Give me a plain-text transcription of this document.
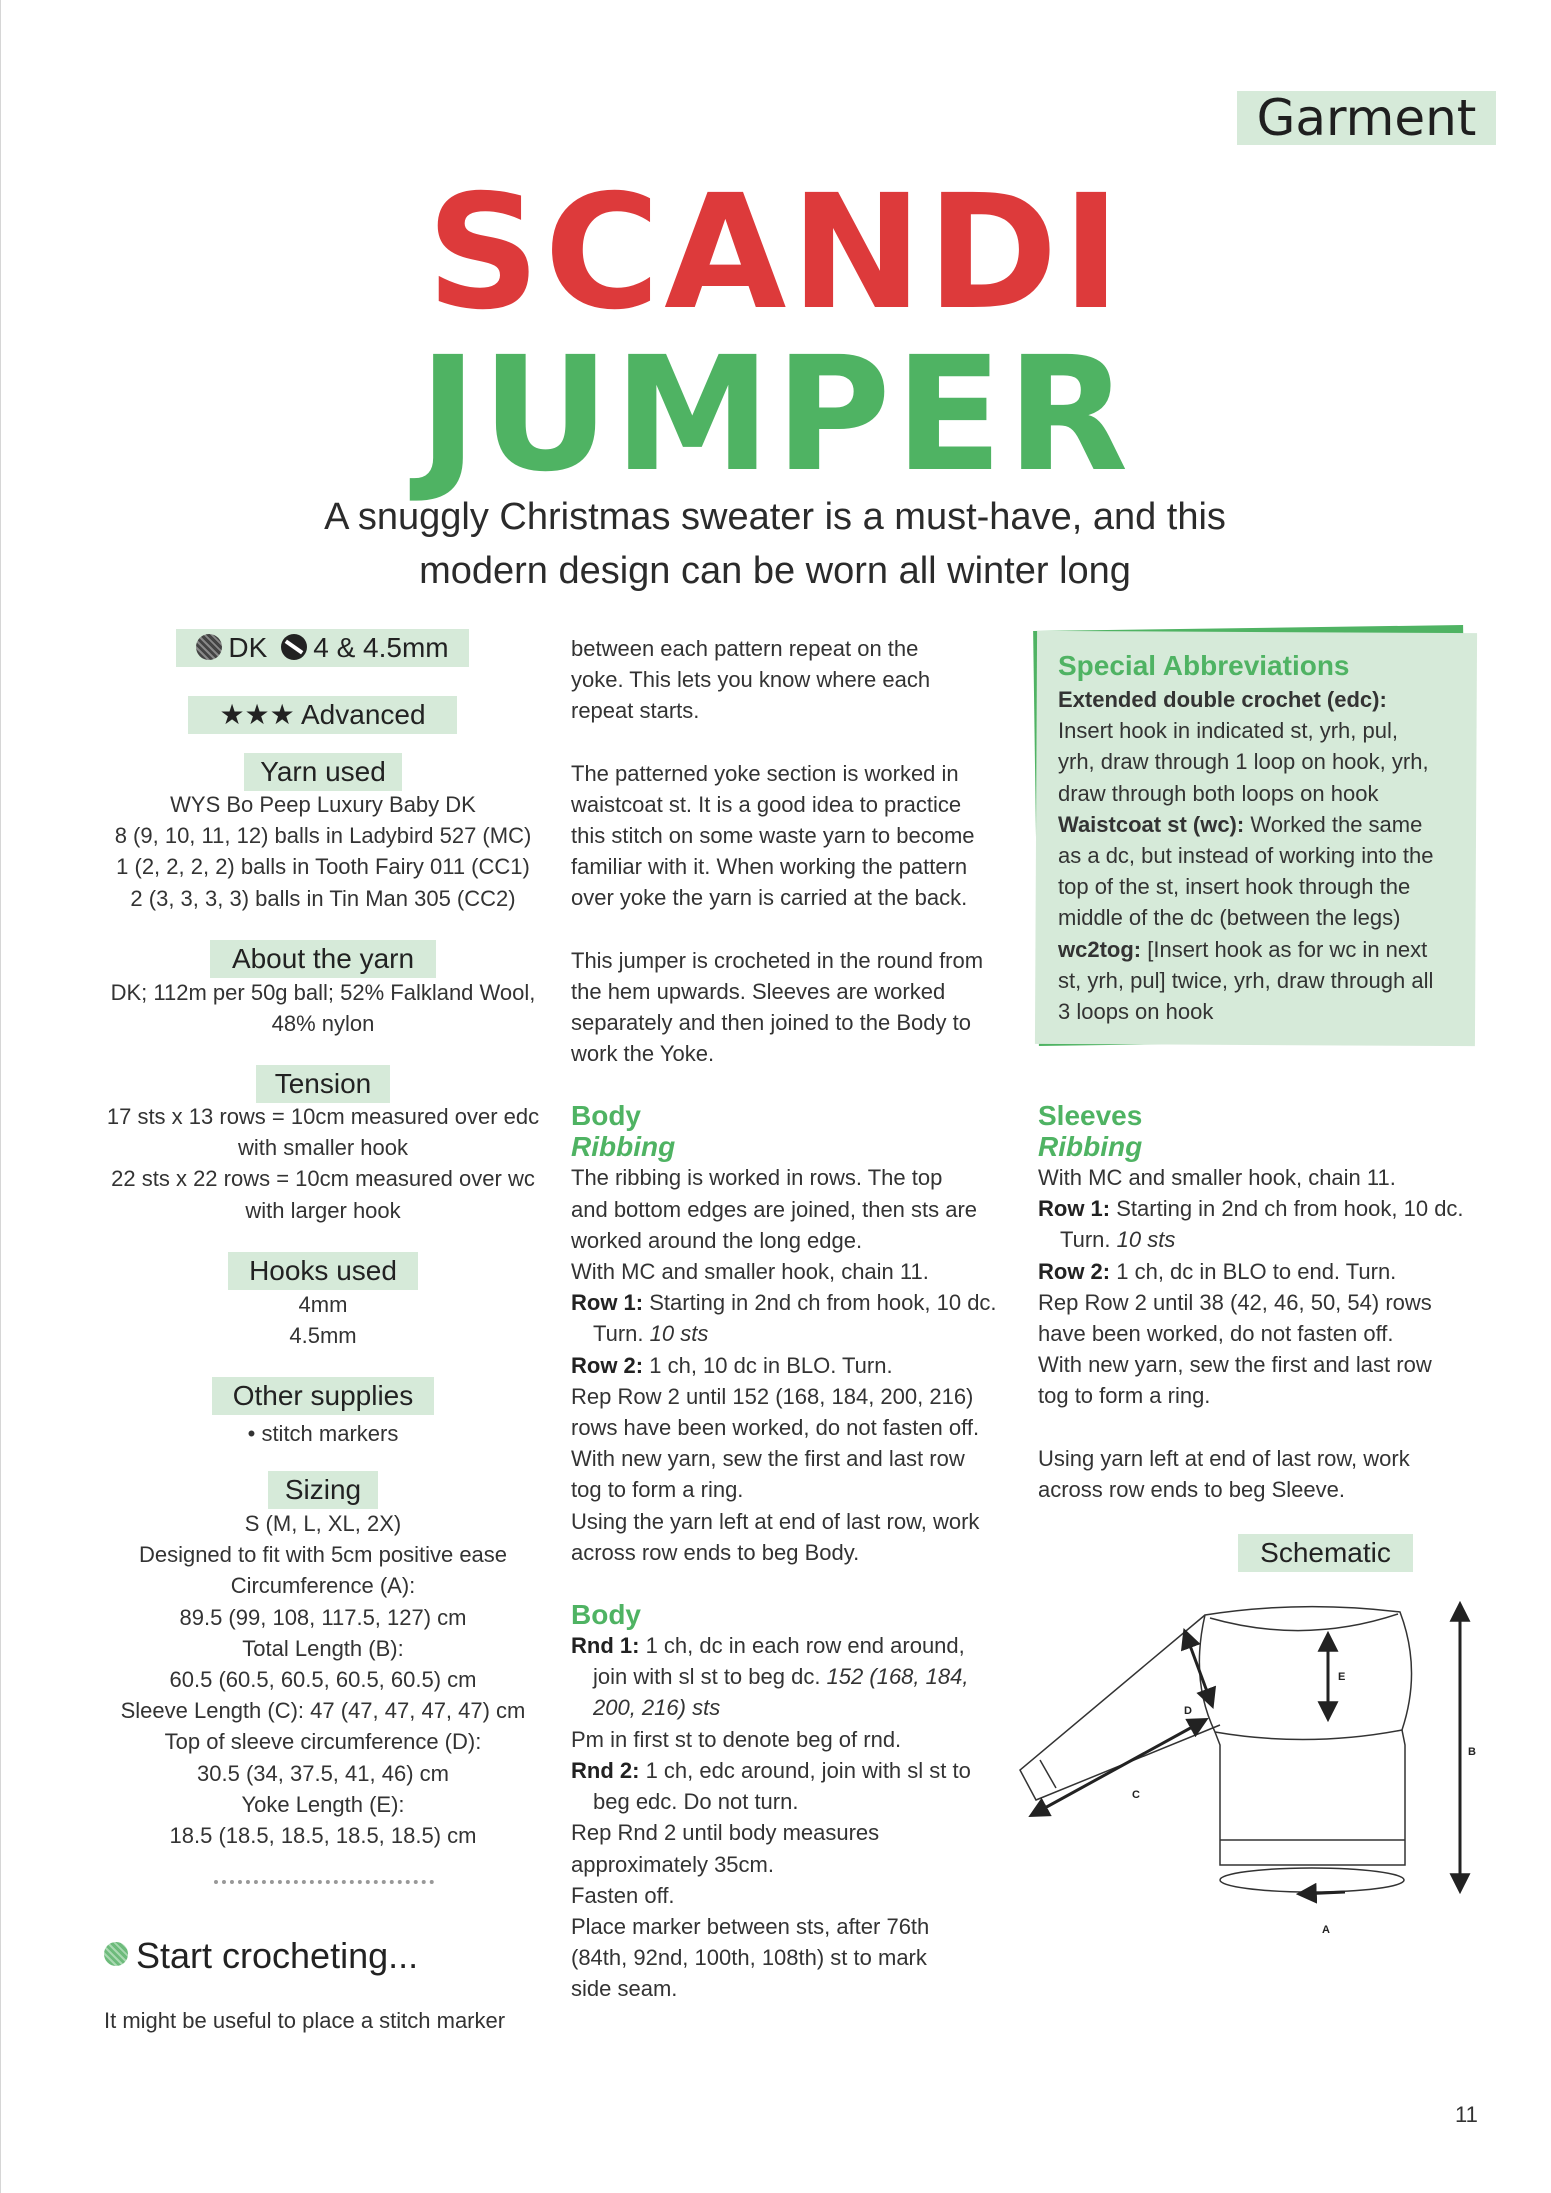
Garment
SCANDI
JUMPER
A snuggly Christmas sweater is a must-have, and this
modern design can be worn all winter long
DK 4 & 4.5mm
★★★ Advanced
Yarn used
WYS Bo Peep Luxury Baby DK
8 (9, 10, 11, 12) balls in Ladybird 527 (MC)
1 (2, 2, 2, 2) balls in Tooth Fairy 011 (CC1)
2 (3, 3, 3, 3) balls in Tin Man 305 (CC2)
About the yarn
DK; 112m per 50g ball; 52% Falkland Wool,
48% nylon
Tension
17 sts x 13 rows = 10cm measured over edc
with smaller hook
22 sts x 22 rows = 10cm measured over wc
with larger hook
Hooks used
4mm
4.5mm
Other supplies
• stitch markers
Sizing
S (M, L, XL, 2X)
Designed to fit with 5cm positive ease
Circumference (A):
89.5 (99, 108, 117.5, 127) cm
Total Length (B):
60.5 (60.5, 60.5, 60.5, 60.5) cm
Sleeve Length (C): 47 (47, 47, 47, 47) cm
Top of sleeve circumference (D):
30.5 (34, 37.5, 41, 46) cm
Yoke Length (E):
18.5 (18.5, 18.5, 18.5, 18.5) cm
Start crocheting...
It might be useful to place a stitch marker
between each pattern repeat on the
yoke. This lets you know where each
repeat starts.
The patterned yoke section is worked in
waistcoat st. It is a good idea to practice
this stitch on some waste yarn to become
familiar with it. When working the pattern
over yoke the yarn is carried at the back.
This jumper is crocheted in the round from
the hem upwards. Sleeves are worked
separately and then joined to the Body to
work the Yoke.
Body
Ribbing
The ribbing is worked in rows. The top
and bottom edges are joined, then sts are
worked around the long edge.
With MC and smaller hook, chain 11.
Row 1: Starting in 2nd ch from hook, 10 dc.
Turn. 10 sts
Row 2: 1 ch, 10 dc in BLO. Turn.
Rep Row 2 until 152 (168, 184, 200, 216)
rows have been worked, do not fasten off.
With new yarn, sew the first and last row
tog to form a ring.
Using the yarn left at end of last row, work
across row ends to beg Body.
Body
Rnd 1: 1 ch, dc in each row end around,
join with sl st to beg dc. 152 (168, 184,
200, 216) sts
Pm in first st to denote beg of rnd.
Rnd 2: 1 ch, edc around, join with sl st to
beg edc. Do not turn.
Rep Rnd 2 until body measures
approximately 35cm.
Fasten off.
Place marker between sts, after 76th
(84th, 92nd, 100th, 108th) st to mark
side seam.
Special Abbreviations
Extended double crochet (edc):
Insert hook in indicated st, yrh, pul,
yrh, draw through 1 loop on hook, yrh,
draw through both loops on hook
Waistcoat st (wc): Worked the same
as a dc, but instead of working into the
top of the st, insert hook through the
middle of the dc (between the legs)
wc2tog: [Insert hook as for wc in next
st, yrh, pul] twice, yrh, draw through all
3 loops on hook
Sleeves
Ribbing
With MC and smaller hook, chain 11.
Row 1: Starting in 2nd ch from hook, 10 dc.
Turn. 10 sts
Row 2: 1 ch, dc in BLO to end. Turn.
Rep Row 2 until 38 (42, 46, 50, 54) rows
have been worked, do not fasten off.
With new yarn, sew the first and last row
tog to form a ring.
Using yarn left at end of last row, work
across row ends to beg Sleeve.
Schematic
E
B
C
D
A
11
